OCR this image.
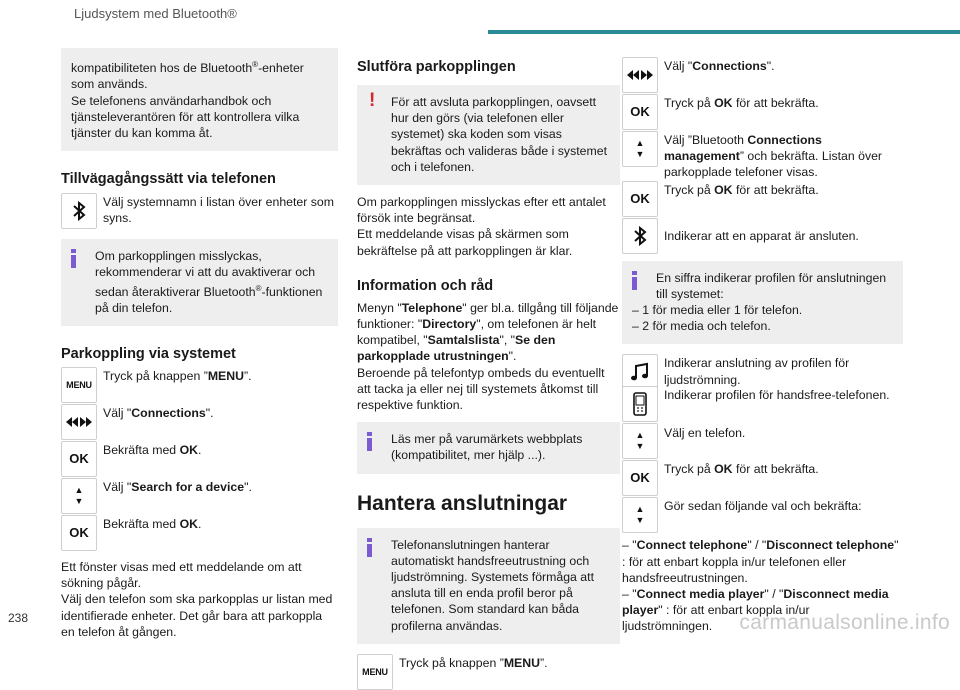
Ljudsystem med Bluetooth®
kompatibiliteten hos de Bluetooth®-enheter som används.
Se telefonens användarhandbok och tjänsteleverantören för att kontrollera vilka tjänster du kan komma åt.
Tillvägagångssätt via telefonen
Välj systemnamn i listan över enheter som syns.
Om parkopplingen misslyckas, rekommenderar vi att du avaktiverar och sedan återaktiverar Bluetooth®-funktionen på din telefon.
Parkoppling via systemet
MENU
Tryck på knappen ”MENU”.
Välj "Connections".
OK
Bekräfta med OK.
▲
▼
Välj "Search for a device".
OK
Bekräfta med OK.
Ett fönster visas med ett meddelande om att sökning pågår.
Välj den telefon som ska parkopplas ur listan med identifierade enheter. Det går bara att parkoppla en telefon åt gången.
Slutföra parkopplingen
! För att avsluta parkopplingen, oavsett hur den görs (via telefonen eller systemet) ska koden som visas bekräftas och valideras både i systemet och i telefonen.
Om parkopplingen misslyckas efter ett antalet försök inte begränsat.
Ett meddelande visas på skärmen som bekräftelse på att parkopplingen är klar.
Information och råd
Menyn "Telephone" ger bl.a. tillgång till följande funktioner: "Directory", om telefonen är helt kompatibel, "Samtalslista", "Se den parkopplade utrustningen".
Beroende på telefontyp ombeds du eventuellt att tacka ja eller nej till systemets åtkomst till respektive funktion.
Läs mer på varumärkets webbplats (kompatibilitet, mer hjälp ...).
Hantera anslutningar
Telefonanslutningen hanterar automatiskt handsfreeutrustning och ljudströmning. Systemets förmåga att ansluta till en enda profil beror på telefonen. Som standard kan båda profilerna användas.
MENU
Tryck på knappen ”MENU”.
Välj "Connections".
OK
Tryck på OK för att bekräfta.
▲
▼
Välj ”Bluetooth Connections management” och bekräfta. Listan över parkopplade telefoner visas.
OK
Tryck på OK för att bekräfta.
Indikerar att en apparat är ansluten.
En siffra indikerar profilen för anslutningen till systemet:
– 1 för media eller 1 för telefon.
– 2 för media och telefon.
Indikerar anslutning av profilen för ljudströmning.
Indikerar profilen för handsfree-telefonen.
▲
▼
Välj en telefon.
OK
Tryck på OK för att bekräfta.
▲
▼
Gör sedan följande val och bekräfta:
– "Connect telephone" / "Disconnect telephone" : för att enbart koppla in/ur telefonen eller handsfreeutrustningen.
– "Connect media player" / "Disconnect media player" : för att enbart koppla in/ur ljudströmningen.
238	carmanualsonline.info
